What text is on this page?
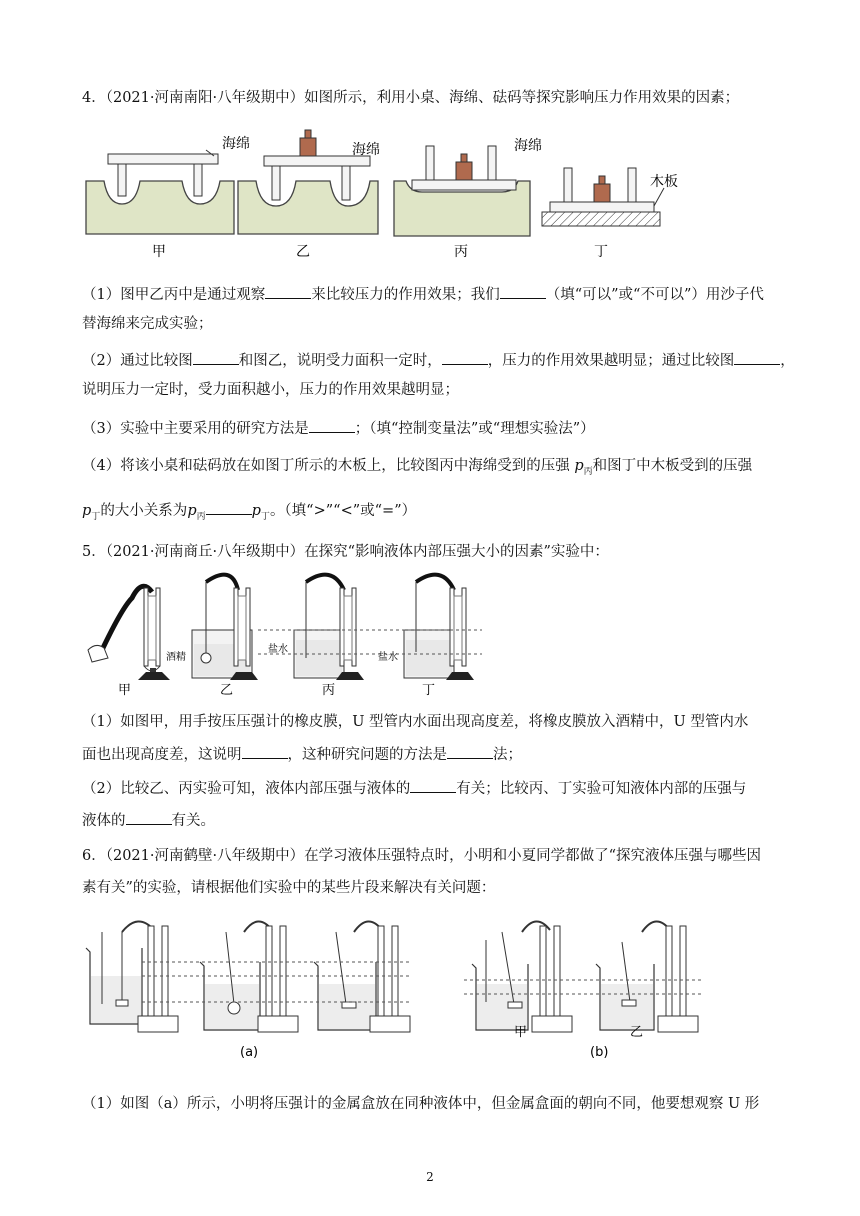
4．（2021·河南南阳·八年级期中）如图所示，利用小桌、海绵、砝码等探究影响压力作用效果的因素；
海绵
甲
海绵
乙
海绵
丙
木板
丁
（1）图甲乙丙中是通过观察	来比较压力的作用效果；我们	（填“可以”或“不可以”）用沙子代
替海绵来完成实验；
（2）通过比较图	和图乙，说明受力面积一定时，	，压力的作用效果越明显；通过比较图	，
说明压力一定时，受力面积越小，压力的作用效果越明显；
（3）实验中主要采用的研究方法是	；（填“控制变量法”或“理想实验法”）
（4）将该小桌和砝码放在如图丁所示的木板上，比较图丙中海绵受到的压强 $p_丙$和图丁中木板受到的压强
$p_丁$的大小关系为$p_丙$	$p_丁$。（填“>”“<”或“=”）
5．（2021·河南商丘·八年级期中）在探究“影响液体内部压强大小的因素”实验中：
甲
酒精
乙
盐水
丙
盐水
丁
（1）如图甲，用手按压压强计的橡皮膜，U 型管内水面出现高度差，将橡皮膜放入酒精中，U 型管内水
面也出现高度差，这说明	，这种研究问题的方法是	法；
（2）比较乙、丙实验可知，液体内部压强与液体的	有关；比较丙、丁实验可知液体内部的压强与
液体的	有关。
6．（2021·河南鹤壁·八年级期中）在学习液体压强特点时，小明和小夏同学都做了“探究液体压强与哪些因
素有关”的实验，请根据他们实验中的某些片段来解决有关问题：
(a)
甲	乙
(b)
（1）如图（a）所示，小明将压强计的金属盒放在同种液体中，但金属盒面的朝向不同，他要想观察 U 形
2
